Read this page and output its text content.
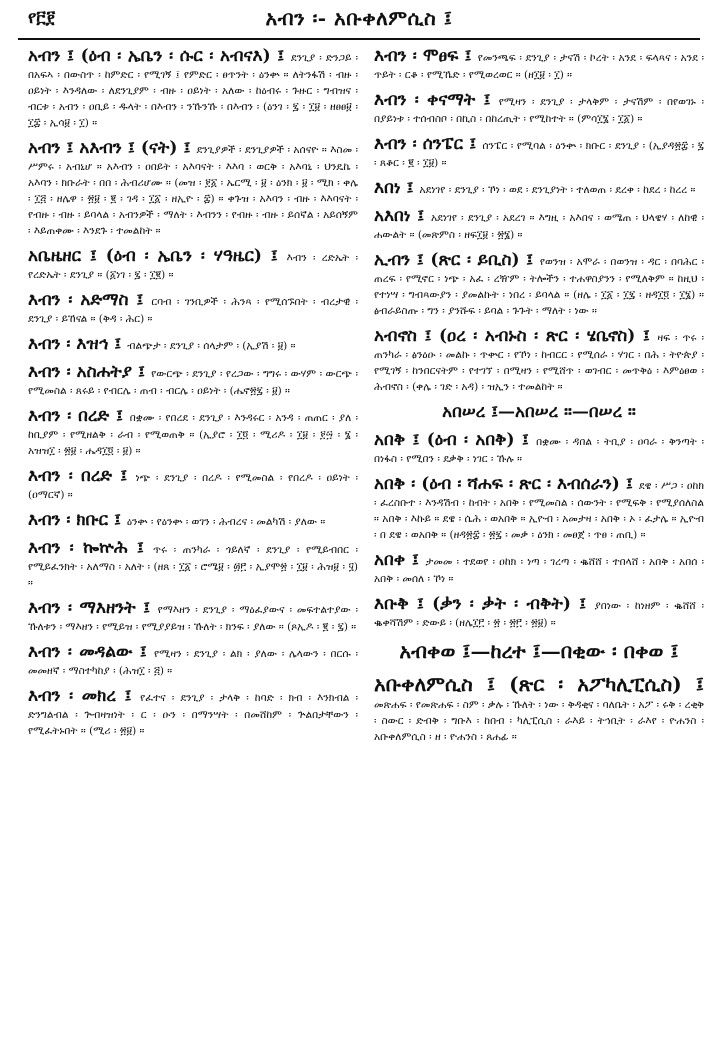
የ፫፻	አብን ፡- አቡቀለምሲስ ፤
አብን ፤ (ዕብ ፡ ኤቤን ፡ ሱር ፡ አብናእ) ፤ ደንጊያ ፡ ድንጋይ ፡ በአፍኣ ፡ በውስጥ ፡ ከምድር ፡ የሚገኝ ፤ የምድር ፡ ፀጥንት ፡ ዕንቍ ። ለትንፋሽ ፡ ብዙ ፡ ዐይነት ፡ እንዳለው ፡ ለደንጊያም ፡ ብዙ ፡ ዐይነት ፡ አለው ፡ ከዕብሩ ፡ ጉዙር ፡ ግብዝና ፡ ብርቱ ፡ አብን ፡ ዐቢይ ፡ ዱላት ፡ በእብን ፡ ንኹንኹ ፡ በእብን ፡ (ዕንገ ፡ ፯ ፡ ፲፱ ፡ ዘፀፀ፱ ፡ ፲፰ ፡ ኢሳ፱ ፡ ፲) ።
አብን ፤ አእብን ፤ (ናት) ፤ ደንጊያዎች ፡ ደንጊያዎች ፡ አሰናዮ ። እስመ ፡ ሥምሩ ፡ አብኒሆ ። አእብን ፡ ዐበይት ፡ አእባናት ፡ እእባ ፡ ወርቅ ፡ አእባኒ ፡ ህንዴኬ ፡ አእባን ፡ ክቡራት ፡ በበ ፡ ሕብሪሆሙ ። (መዝ ፡ ፻፩ ፡ ኤርሚ ፡ ፱ ፡ ዕንክ ፡ ፱ ፡ ሚክ ፡ ቀሌ ፡ ፲፭ ፡ ዘሌዋ ፡ ፳፱ ፡ ፪ ፡ ገዳ ፡ ፲፩ ፡ ዘኢዮ ፡ ፰) ። ቀጉዝ ፡ አእባን ፡ ብዙ ፡ እእባናት ፡ የብዙ ፡ ብዙ ፡ ይባላል ፡ አብንዎች ፡ ማለት ፡ እብንን ፡ የብዙ ፡ ብዙ ፡ ይሰኛል ፡ አይሰኝም ፡ እይጠቀሙ ፡ እንደጉ ፡ ተመልከት ።
አቤዜዘር ፤ (ዕብ ፡ ኤቤን ፡ ሃዓዜር) ፤ እብን ፡ ረድኤት ፡ የረድኤት ፡ ደንጊያ ። (፩ነገ ፡ ፯ ፡ ፲፪) ።
እብን ፡ አድማስ ፤ ርባብ ፡ ገንቢዎች ፡ ሕንጻ ፡ የሚሰኙበት ፡ ብረታዊ ፡ ደንጊያ ፡ ይኸናል ። (ቅዳ ፡ ሕር) ።
እብን ፡ እዝኅ ፤ ብልጭታ ፡ ደንጊያ ፡ ሰላታም ፡ (ኢያሽ ፡ ፱) ።
እብን ፡ አስሐትያ ፤ የውርጭ ፡ ደንጊያ ፡ የረጋው ፡ ግግሩ ፡ ውሃም ፡ ውርጭ ፡ የሚመስል ፡ ጸሩይ ፡ የብርሌ ፡ ጠብ ፡ ብርሌ ፡ ዐይነት ፡ (ሔኖ፳፯ ፡ ፱) ።
እብን ፡ በረድ ፤ በቋሙ ፡ የበረደ ፡ ደንጊያ ፡ እንዳሩር ፡ አንዳ ፡ ጠጠር ፡ ያለ ፡ ከቢያም ፡ የሚዘልቅ ፡ ራብ ፡ የሚወጠቅ ። (ኢያሮ ፡ ፲፬ ፡ ሚሪዶ ፡ ፲፱ ፡ ፻፵ ፡ ፮ ፡ አዝዝ፲ ፡ ፳፱ ፡ ሔዳ፲፬ ፡ ፱) ።
እብን ፡ በረድ ፤ ነጭ ፡ ደንጊያ ፡ በረዶ ፡ የሚመስል ፡ የበረዶ ፡ ዐይነት ፡ (ዐማርኛ) ።
እብን ፡ ክቡር ፤ ዕንቍ ፡ የዕንቍ ፡ ወገን ፡ ሕብረና ፡ መልካሽ ፡ ያለው ።
እብን ፡ ኰኵሕ ፤ ጥሩ ፡ ጠንካራ ፡ ጎይለኛ ፡ ደንጊያ ፡ የሚይብበር ፡ የሚይፈንክት ፡ አለማስ ፡ አለት ፡ (ዘጸ ፡ ፲፩ ፡ ሮሜ፱ ፡ ፴፫ ፡ ኢያሞ፳ ፡ ፲፱ ፡ ሕዝ፱ ፡ ፶) ።
እብን ፡ ማእዘንት ፤ የማእዘን ፡ ደንጊያ ፡ ማዕፈያውና ፡ መፍተልተያው ፡ ኹለቱን ፡ ማእዘን ፡ የሚይዝ ፡ የሚያያይዝ ፡ ኹለት ፡ ክንፍ ፡ ያለው ። (ጾኢዶ ፡ ፪ ፡ ፯) ።
እብን ፡ መዳልው ፤ የሚዛን ፡ ደንጊያ ፡ ልክ ፡ ያለው ፡ ሌላውን ፡ በርሱ ፡ መመዘኛ ፡ ማስተካከያ ፡ (ሕዝ፲ ፡ ፭) ።
እብን ፡ መክረ ፤ የፈተና ፡ ደንጊያ ፡ ታላቅ ፡ ከባድ ፡ ክብ ፡ እንክብል ፡ ድንግልብል ፡ ጕብዛዝነት ፡ ር ፡ ዑን ፡ በማንሣት ፡ በመሸከም ፡ ጕልበታቸውን ፡ የሚፈትኑበት ። (ሚሪ ፡ ፳፱) ።
እብን ፡ ሞፀፍ ፤ የመንጫፍ ፡ ደንጊያ ፡ ታናሽ ፡ ኮረት ፡ አንደ ፡ ፍላጻና ፡ አንደ ፡ ጥይት ፡ ርቆ ፡ የሚኼድ ፡ የሚወረወር ። (ዘ፲፱ ፡ ፲) ።
እብን ፡ ቀናማት ፤ የሚዛን ፡ ደንጊያ ፡ ታላቅም ፡ ታናሽም ፡ በየወገኑ ፡ በያይነቱ ፡ ተሰብስቦ ፡ በኪስ ፡ በከረጢት ፡ የሚከተት ። (ምሳ፲፮ ፡ ፲፩) ።
እብን ፡ ሰንፔር ፤ ሰንፔር ፡ የሚባል ፡ ዕንቍ ፡ ክቡር ፡ ደንጊያ ፡ (ኢያዳ፳፰ ፡ ፯ ፡ ጸቆር ፡ ፪ ፡ ፲፱) ።
እበነ ፤ አደነገየ ፡ ደንጊያ ፡ ኾነ ፡ ወደ ፡ ደንጊያነት ፡ ተለወጠ ፡ ደረቀ ፡ ከደረ ፡ ከረረ ።
አእበነ ፤ አደነገየ ፡ ደንጊያ ፡ አደረገ ። እግዚ ፡ አእበና ፡ ወሜጠ ፡ ህላዌሃ ፡ ለከዊ ፡ ሐውልት ። (መጽምስ ፡ ዘፍ፲፱ ፡ ፳፮) ።
ኢብን ፤ (ጽር ፡ ይቢስ) ፤ የወንዝ ፡ አሞራ ፡ በወንዝ ፡ ዳር ፡ በባሕር ፡ ጠረፍ ፡ የሚኖር ፡ ነጭ ፡ አፈ ፡ ረዥም ፡ ትሎችን ፡ ተሐዋስያንን ፡ የሚለቅም ። ከዚህ ፡ የተነሣ ፡ ግብጻውያን ፡ ያመልኩት ፡ ነበረ ፡ ይባላል ። (ዘሌ ፡ ፲፩ ፡ ፲፯ ፡ ዘዳ፲፬ ፡ ፲፮) ። ፅብራይስጡ ፡ ግን ፡ ያንሹፍ ፡ ይባል ፡ ጉጉት ፡ ማለት ፡ ነው ።
አብኖስ ፤ (ዐረ ፡ አብኑስ ፡ ጽር ፡ ሄቤኖስ) ፤ ዛፍ ፡ ጥሩ ፡ ጠንካራ ፡ ፅንዕዑ ፡ መልኩ ፡ ጥቍር ፡ የኾነ ፡ ከብርር ፡ የሚሰራ ፡ ሃገር ፡ በሕ ፡ ትዮጵያ ፡ የሚገኝ ፡ ከንበርናትም ፡ የተገኘ ፡ በሚዛን ፡ የሚሸጥ ፡ ወገብር ፡ መጥቅዕ ፡ እምዕፀወ ፡ ሕብኖስ ፡ (ቀሌ ፡ ገድ ፡ አዳ) ፡ ዝኢን ፡ ተመልከት ።
አበሠረ ፤—አበሠረ ።—በሠረ ።
አበቅ ፤ (ዕብ ፡ አበቅ) ፤ በቋሙ ፡ ዳበል ፡ ትቢያ ፡ ዐባራ ፡ ቅንጣት ፡ በነፋስ ፡ የሚበን ፡ ደቃቅ ፡ ነገር ፡ ኹሉ ።
አበቅ ፡ (ዕብ ፡ ሻሐፍ ፡ ጽር ፡ እብሰራን) ፤ ደዌ ፡ ሥጋ ፡ ዐከክ ፡ ፈረስቡተ ፡ እንዳሽብ ፡ ከብት ፡ አበቅ ፡ የሚመስል ፡ ሰውንት ፡ የሚፍቅ ፡ የሚያሰለስል ። አበቅ ፡ እኩይ ። ደዌ ፡ ሴሕ ፡ ወአበቅ ። ኢዮብ ፡ አመታዛ ፡ አበቅ ፡ ኦ ፡ ፈታሌ ። ኢዮብ ፡ በ ደዌ ፡ ወአበቅ ። (ዘዳ፳፰ ፡ ፳፯ ፡ መቃ ፡ ዕንክ ፡ መፀጀ ፡ ጥፀ ፡ ጠቢ) ።
አበቀ ፤ ታመመ ፡ ተደወየ ፡ ዐከክ ፡ ነጣ ፡ ገረጣ ፡ ቈሸሸ ፡ ተበላሸ ፡ አበቅ ፡ አበሰ ፡ አበቅ ፡ መሰለ ፡ ኾነ ።
እቡቅ ፤ (ቃን ፡ ቃት ፡ ብቅት) ፤ ያበነው ፡ ከነዘም ፡ ቈሸሸ ፡ ቈቀሻሽም ፡ ድውይ ፡ (ዘሌ፲፫ ፡ ፳ ፡ ፳፫ ፡ ፳፱) ።
አብቀወ ፤—ከረተ ፤—በቂው ፡ በቀወ ፤
አቡቀለምሲስ ፤ (ጽር ፡ አፖካሊፒሲስ) ፤ መጽሐፍ ፡ የመጽሐፍ ፡ ስም ፡ ቃሉ ፡ ኹለት ፡ ነው ፡ ቅዳቂና ፡ ባለቤት ፡ አፖ ፡ ሩቅ ፡ ረቂቅ ፡ ስውር ፡ ድብቅ ፡ ግቡእ ፡ ከበብ ፡ ካሊፒሲስ ፡ ራእይ ፡ ትኅቢት ፡ ራእየ ፡ ዮሐንስ ፡ አቡቀለምሲስ ፡ ዘ ፡ ዮሐንስ ፡ ጸሐፊ ።
